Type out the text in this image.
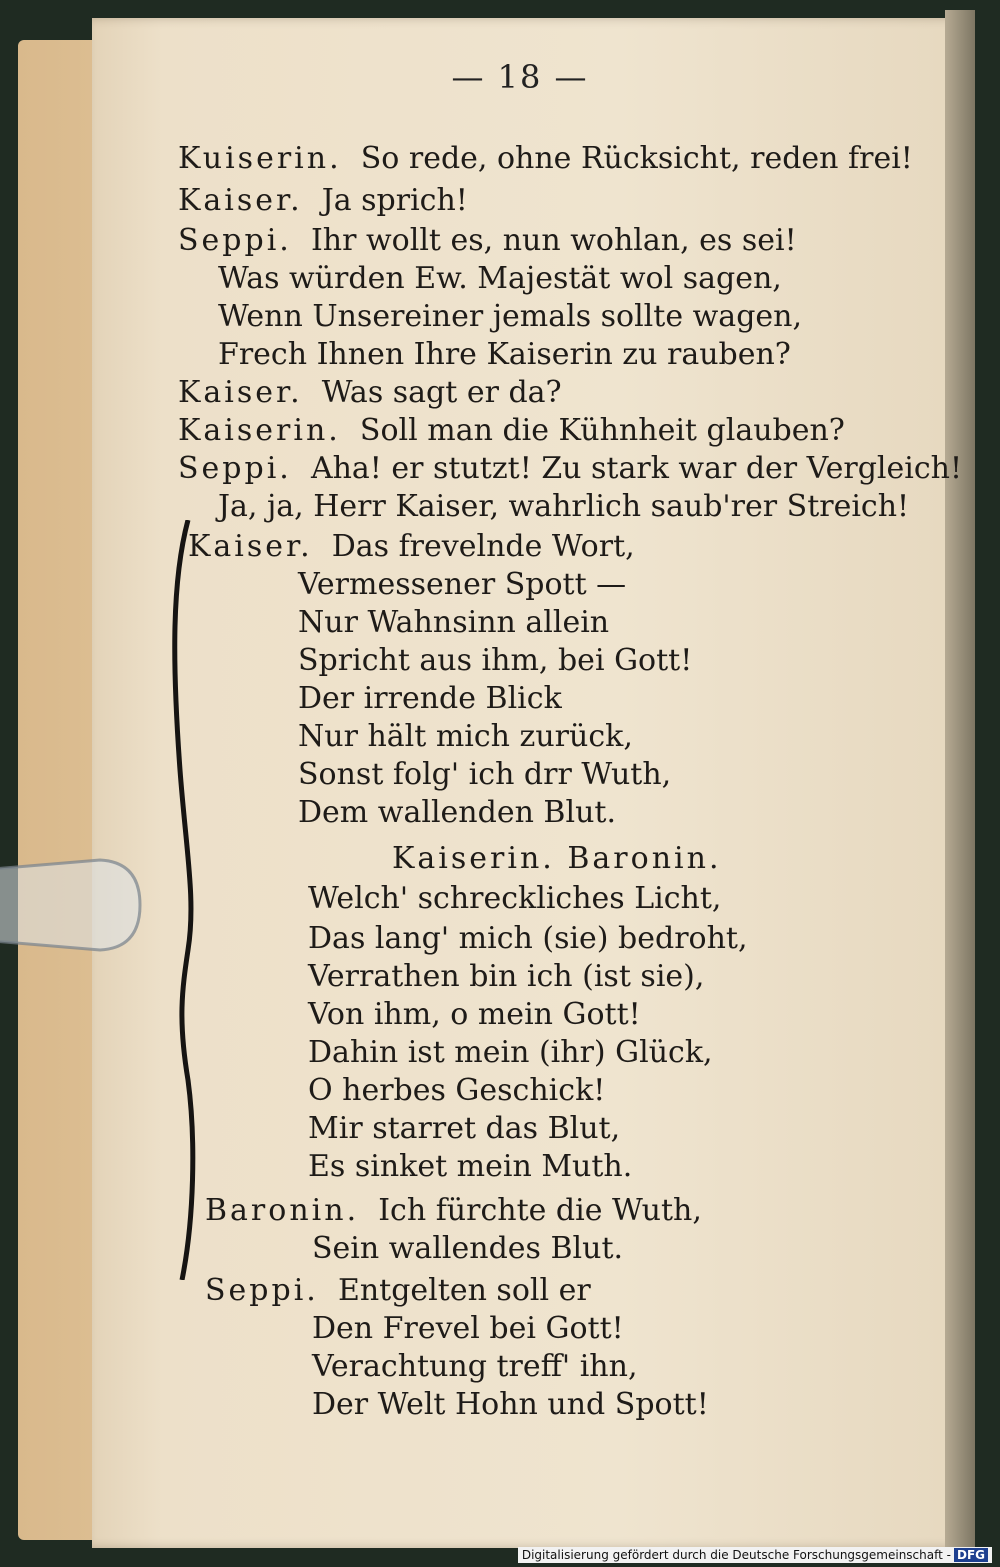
— 18 —
Kuiserin. So rede, ohne Rücksicht, reden frei!
Kaiser. Ja sprich!
Seppi. Ihr wollt es, nun wohlan, es sei!
Was würden Ew. Majestät wol sagen,
Wenn Unsereiner jemals sollte wagen,
Frech Ihnen Ihre Kaiserin zu rauben?
Kaiser. Was sagt er da?
Kaiserin. Soll man die Kühnheit glauben?
Seppi. Aha! er stutzt! Zu stark war der Vergleich!
Ja, ja, Herr Kaiser, wahrlich saub'rer Streich!
Kaiser. Das frevelnde Wort,
Vermessener Spott —
Nur Wahnsinn allein
Spricht aus ihm, bei Gott!
Der irrende Blick
Nur hält mich zurück,
Sonst folg' ich drr Wuth,
Dem wallenden Blut.
Kaiserin. Baronin.
Welch' schreckliches Licht,
Das lang' mich (sie) bedroht,
Verrathen bin ich (ist sie),
Von ihm, o mein Gott!
Dahin ist mein (ihr) Glück,
O herbes Geschick!
Mir starret das Blut,
Es sinket mein Muth.
Baronin. Ich fürchte die Wuth,
Sein wallendes Blut.
Seppi. Entgelten soll er
Den Frevel bei Gott!
Verachtung treff' ihn,
Der Welt Hohn und Spott!
Digitalisierung gefördert durch die Deutsche Forschungsgemeinschaft - DFG
